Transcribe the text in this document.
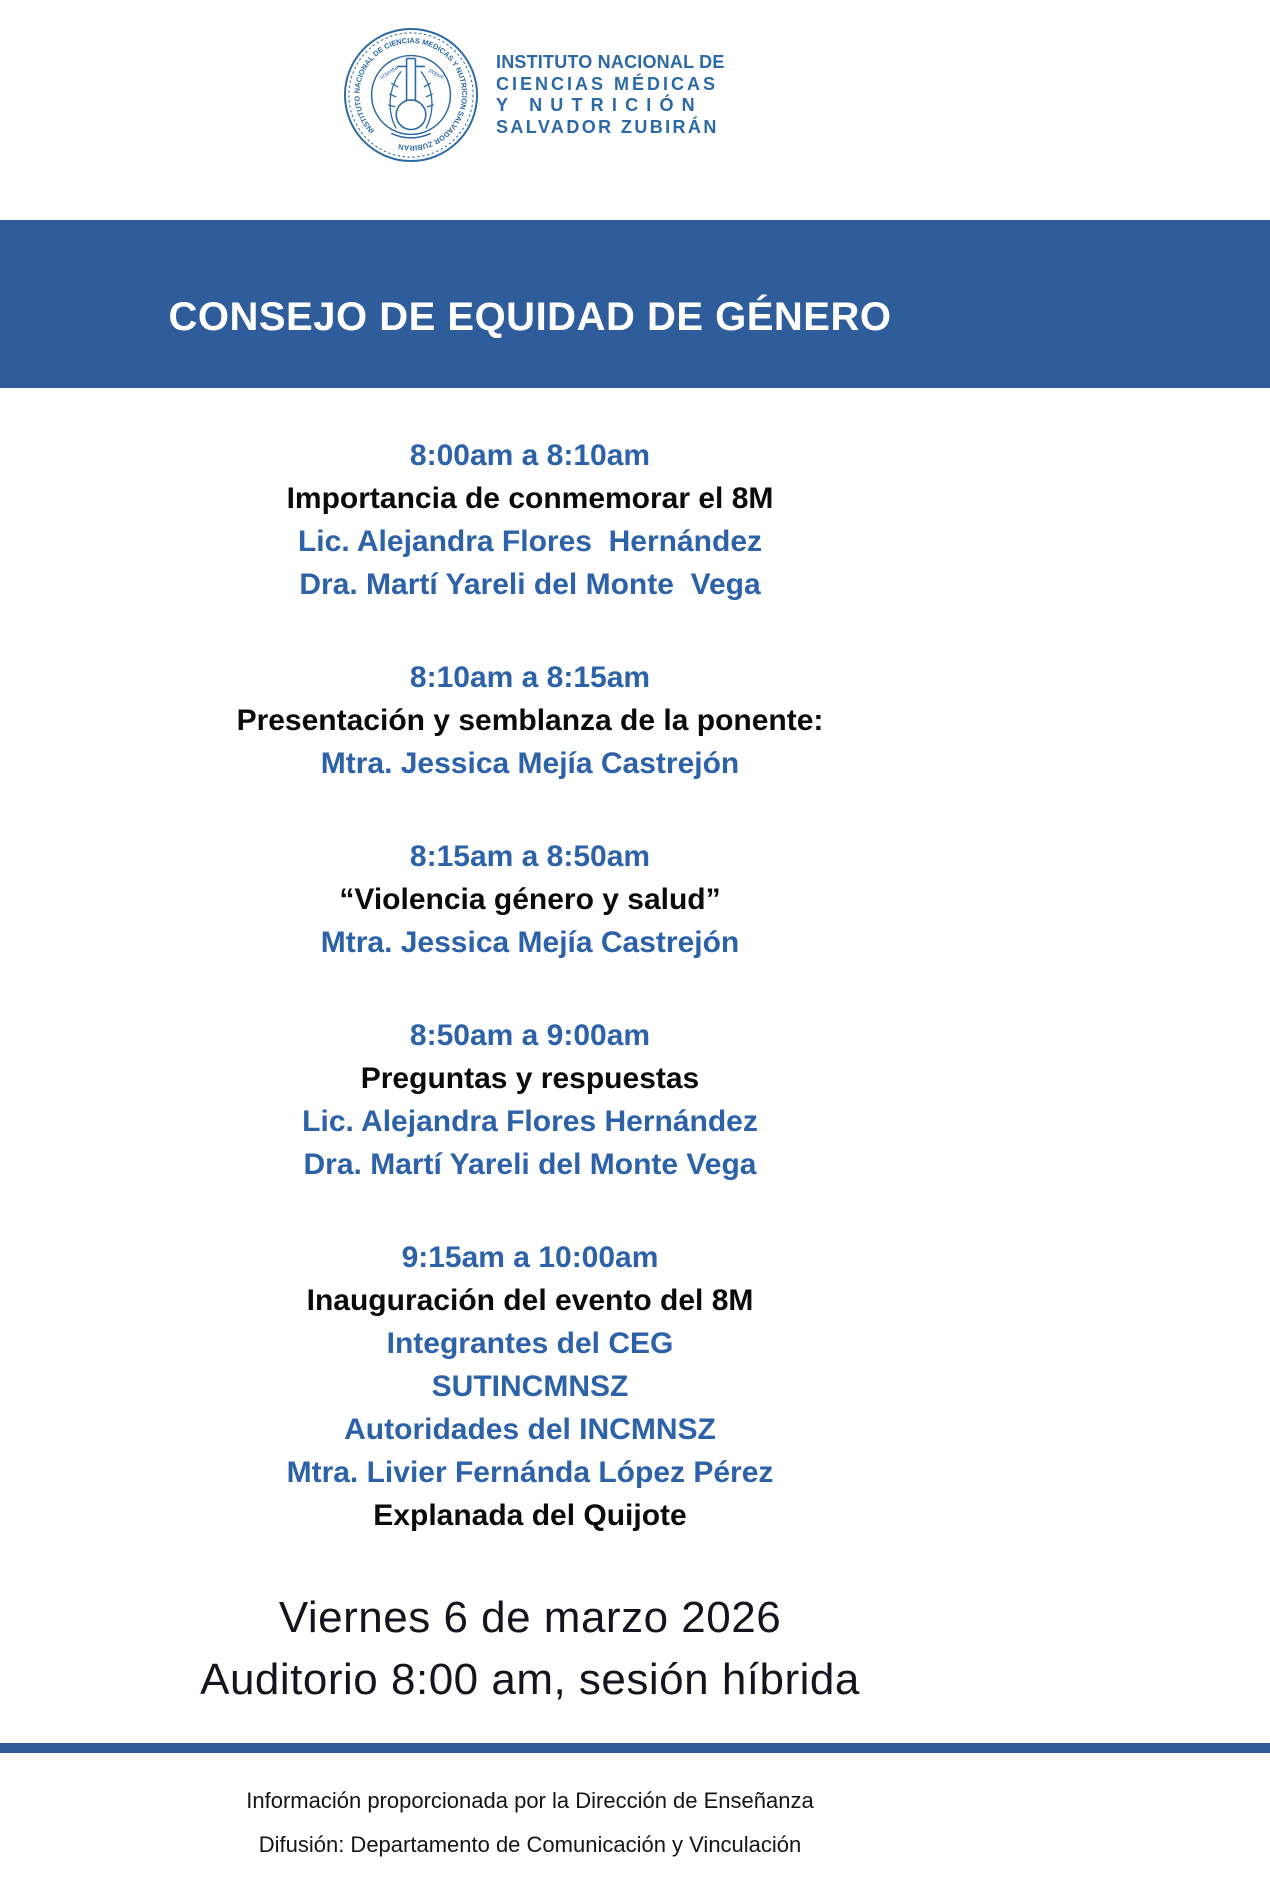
INSTITUTO NACIONAL DE CIENCIAS MEDICAS Y NUTRICION SALVADOR ZUBIRAN
scientia	populi
INSTITUTO NACIONAL DE
CIENCIAS MÉDICAS
Y NUTRICIÓN
SALVADOR ZUBIRÁN
CONSEJO DE EQUIDAD DE GÉNERO
8:00am a 8:10am
Importancia de conmemorar el 8M
Lic. Alejandra Flores  Hernández
Dra. Martí Yareli del Monte  Vega
8:10am a 8:15am
Presentación y semblanza de la ponente:
Mtra. Jessica Mejía Castrejón
8:15am a 8:50am
“Violencia género y salud”
Mtra. Jessica Mejía Castrejón
8:50am a 9:00am
Preguntas y respuestas
Lic. Alejandra Flores Hernández
Dra. Martí Yareli del Monte Vega
9:15am a 10:00am
Inauguración del evento del 8M
Integrantes del CEG
SUTINCMNSZ
Autoridades del INCMNSZ
Mtra. Livier Fernánda López Pérez
Explanada del Quijote
Viernes 6 de marzo 2026
Auditorio 8:00 am, sesión híbrida
Información proporcionada por la Dirección de Enseñanza
Difusión: Departamento de Comunicación y Vinculación
